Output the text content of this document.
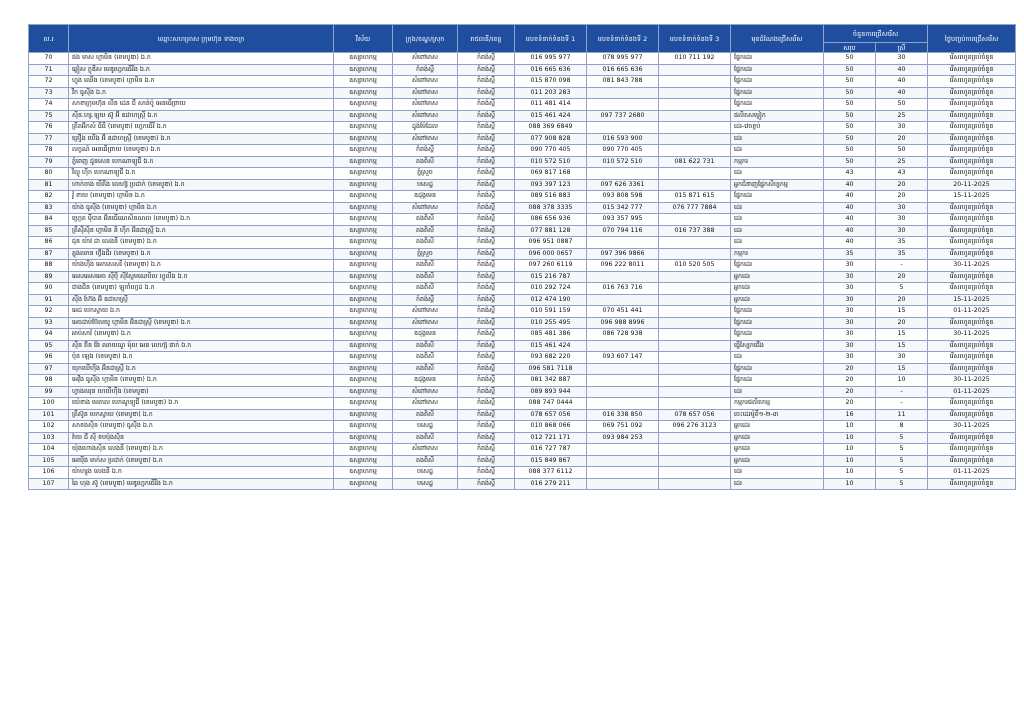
ល.រ	ឈ្មោះសហគ្រាស ក្រុមហ៊ុន ទាងចក្រ	វិស័យ	ក្រុង/ខណ្ឌ/ស្រុក	រាជធានី/ខេត្ត	លេខទំនាក់ទំនងទី 1	លេខទំនាក់ទំនងទី 2	លេខទំនាក់ទំនងទី 3	មុខដំណែងជ្រើសរើស	ចំនួនការជ្រើសរើស		ថ្ងៃបញ្ចប់ការជ្រើសរើស
									សរុប	ស្រី	
70	ផង មាស ហ្គាមិន (ខេមបូឌា) ឯ.ក	ឧស្សាហកម្ម	សំពៅមាស	កំពង់ស្ពឺ	016 995 977	078 995 977	010 711 192	ផ្នែកដេរ	50	30	រើសរហូតគ្រប់ចំនួន
71	ឆ្លៀស ក្លូឌីស មេឌូហ្វេកធើរីង ឯ.ក	ឧស្សាហកម្ម	កំពង់ស្ពឺ	កំពង់ស្ពឺ	016 665 636	016 665 636		ផ្នែកដេរ	50	40	រើសរហូតគ្រប់ចំនួន
72	ហ្វុង ឈើង (ខេមបូឌា) ហ្គាមិន ឯ.ក	ឧស្សាហកម្ម	សំពៅមាស	កំពង់ស្ពឺ	015 870 098	081 843 788		ផ្នែកដេរ	50	40	រើសរហូតគ្រប់ចំនួន
73	វីក ធូស៊ីង ឯ.ក	ឧស្សាហកម្ម	សំពៅមាស	កំពង់ស្ពឺ	011 203 283			ផ្នែកដេរ	50	40	រើសរហូតគ្រប់ចំនួន
74	សាខាក្រុមហ៊ុន លីន ដេន ជី សាន់ប៉ូ អេនធើព្រាយ	ឧស្សាហកម្ម	សំពៅមាស	កំពង់ស្ពឺ	011 481 414			ផ្នែកដេរ	50	50	រើសរហូតគ្រប់ចំនួន
75	ស៊ីន.ហ្ស.ឡុយ ស៊ូ អ៊ី ឧដាហស្រ្តី ឯ.ក	ឧស្សាហកម្ម	សំពៅមាស	កំពង់ស្ពឺ	015 461 424	097 737 2680		ផលិតសម្លៀក	50	25	រើសរហូតគ្រប់ចំនួន
76	ត្រឹតអ៊ីកស៍ ធីធី (ខេមបូឌា) ហ្វេកធើរី ឯ.ក	ឧស្សាហកម្ម	ដូង់ម៉ែដែល	កំពង់ស្ពឺ	088 369 6849			ដេរ-វេចខ្ចប់	50	30	រើសរហូតគ្រប់ចំនួន
77	គ្រឿង ឃើង អ៊ី ឧដាហស្រ្តី (ខេមបូឌា) ឯ.ក	ឧស្សាហកម្ម	សំពៅមាស	កំពង់ស្ពឺ	077 908 828	016 593 900		ដេរ	50	20	រើសរហូតគ្រប់ចំនួន
78	លក្ខណ៍ អេនធើព្រាយ (ខេមបូឌា) ឯ.ក	ឧស្សាហកម្ម	កំពង់ស្ពឺ	កំពង់ស្ពឺ	090 770 405	090 770 405		ដេរ	50	50	រើសរហូតគ្រប់ចំនួន
79	ភ្នំពេញ ជូនសេន បេកណាឡូជី ឯ.ក	ឧស្សាហកម្ម	គងពិសី	កំពង់ស្ពឺ	010 572 510	010 572 510	081 622 731	កម្មករ	50	25	រើសរហូតគ្រប់ចំនួន
80	វិល្លូ ហ៊ីក បេកណាឡូជី ឯ.ក	ឧស្សាហកម្ម	ភ្នំស្រួច	កំពង់ស្ពឺ	069 817 168			ដេរ	43	43	រើសរហូតគ្រប់ចំនួន
81	ហាក់ចាង យីតីង លេហ្ស៊ ប្រដាក់ (ខេមបូឌា) ឯ.ក	ឧស្សាហកម្ម	បសេដ្ឋ	កំពង់ស្ពឺ	093 397 123	097 626 3361		អ្នកជំនាញផ្នែកសិប្បកម្ម	40	20	20-11-2025
82	វ៉ូ ខាយ (ខេមបូឌា) ហ្គាមិន ឯ.ក	ឧស្សាហកម្ម	ឧដុង្គមេន	កំពង់ស្ពឺ	089 516 883	093 808 598	015 871 615	ផ្នែកដេរ	40	20	15-11-2025
83	យ៉ាង ធូស៊ីង (ខេមបូឌា) ហ្គាមិន ឯ.ក	ឧស្សាហកម្ម	សំពៅមាស	កំពង់ស្ពឺ	088 378 3335	015 342 777	076 777 7884	ដេរ	40	30	រើសរហូតគ្រប់ចំនួន
84	ហ្គ្រេត ម៉ឺបាន អ៊ិនធើណេសិនណល (ខេមបូឌា) ឯ.ក	ឧស្សាហកម្ម	គងពិសី	កំពង់ស្ពឺ	086 656 936	093 357 995		ដេរ	40	30	រើសរហូតគ្រប់ចំនួន
85	ត្រីស៊ីស៊ិន ហ្គាមិន និ ហ៊ីក អ៊ិនដាស្ត្រី ឯ.ក	ឧស្សាហកម្ម	គងពិសី	កំពង់ស្ពឺ	077 881 128	070 794 116	016 737 388	ដេរ	40	30	រើសរហូតគ្រប់ចំនួន
86	ជុន យ៉ាវ ដា លេងនី (ខេមបូឌា) ឯ.ក	ឧស្សាហកម្ម	គងពិសី	កំពង់ស្ពឺ	096 951 0887			ដេរ	40	35	រើសរហូតគ្រប់ចំនួន
87	គ្នុងឈាន ហ្វ៊ីងជិរ (ខេមបូឌា) ឯ.ក	ឧស្សាហកម្ម	ភ្នំស្រួច	កំពង់ស្ពឺ	096 000 0657	097 396 9866		កម្មករ	35	35	រើសរហូតគ្រប់ចំនួន
88	យ៉ាងហ៊ីង អេកសេសរី (ខេមបូឌា) ឯ.ក	ឧស្សាហកម្ម	គងពិសី	កំពង់ស្ពឺ	097 260 6119	096 222 8011	010 520 505	ផ្នែកដេរ	30	-	30-11-2025
89	អេសអេសអេច ស៊ីប៉ី ស៊ីស្ទែមណេបិល ហ្វូលីង ឯ.ក	ឧស្សាហកម្ម	គងពិសី	កំពង់ស្ពឺ	015 216 787			អ្នកដេរ	30	20	រើសរហូតគ្រប់ចំនួន
90	ជាងជិន (ខេមបូឌា) ឡូកាំហ្វេដ ឯ.ក	ឧស្សាហកម្ម	គងពិសី	កំពង់ស្ពឺ	010 292 724	016 763 716		អ្នកដេរ	30	5	រើសរហូតគ្រប់ចំនួន
91	ស៊ីង ហ៊ែង អ៊ិ ឧដាហស្រ្តី	ឧស្សាហកម្ម	កំពង់ស្ពឺ	កំពង់ស្ពឺ	012 474 190			អ្នកដេរ	30	20	15-11-2025
92	អេដ បេកស្វាយ ឯ.ក	ឧស្សាហកម្ម	សំពៅមាស	កំពង់ស្ពឺ	010 591 159	070 451 441		ផ្នែកដេរ	30	15	01-11-2025
93	អេចដាប់ប៊ែលយូ ហ្គាមិន អ៊ិនដាស្ត្រី (ខេមបូឌា) ឯ.ក	ឧស្សាហកម្ម	សំពៅមាស	កំពង់ស្ពឺ	010 255 495	096 988 8996		ផ្នែកដេរ	30	20	រើសរហូតគ្រប់ចំនួន
94	អាប់សាវ៉ (ខេមបូឌា) ឯ.ក	ឧស្សាហកម្ម	ឧដុង្គមេន	កំពង់ស្ពឺ	085 481 386	086 728 938		ផ្នែកដេរ	30	15	30-11-2025
95	ស៊ីន ត៊ីន វ៉ែរ ឈាយណូ ម៉ុល អេន លេហ្ស៊ ផាក់ ឯ.ក	ឧស្សាហកម្ម	គងពិសី	កំពង់ស្ពឺ	015 461 424			ធ្វើស្បែកជើង	30	15	រើសរហូតគ្រប់ចំនួន
96	ប៉ុន ឡេង (ខេមបូឌា) ឯ.ក	ឧស្សាហកម្ម	គងពិសី	កំពង់ស្ពឺ	093 682 220	093 607 147		ដេរ	30	30	រើសរហូតគ្រប់ចំនួន
97	យុកឃើហ៊ីង អ៊ិនដាស្ត្រី ឯ.ក	ឧស្សាហកម្ម	គងពិសី	កំពង់ស្ពឺ	096 581 7118			ផ្នែកដេរ	20	15	រើសរហូតគ្រប់ចំនួន
98	អេវ៉ីង ធូស៊ីង ហ្គាមិន (ខេមបូឌា) ឯ.ក	ឧស្សាហកម្ម	ឧដុង្គមេន	កំពង់ស្ពឺ	081 342 887			ផ្នែកដេរ	20	10	30-11-2025
99	ហ្វាងឈុន ហេបើហ៊ីង (ខេមបូឌា)	ឧស្សាហកម្ម	សំពៅមាស	កំពង់ស្ពឺ	089 893 944			ដេរ	20	-	01-11-2025
100	យ៉េខាង មេតាល បេកណូឡូជី (ខេមបូឌា) ឯ.ក	ឧស្សាហកម្ម	សំពៅមាស	កំពង់ស្ពឺ	088 747 0444			កម្មករផលិតកម្ម	20	-	រើសរហូតគ្រប់ចំនួន
101	ត្រីស៊ូន បេកស្វាយ (ខេមបូឌា) ឯ.ក	ឧស្សាហកម្ម	គងពិសី	កំពង់ស្ពឺ	078 657 056	016 338 850	078 657 056	ចេះដេរម៉ូតឺ១-២-៣	16	11	រើសរហូតគ្រប់ចំនួន
102	សាខងស៊ិន (ខេមបូឌា) ធូស៊ីង ឯ.ក	ឧស្សាហកម្ម	បសេដ្ឋ	កំពង់ស្ពឺ	010 868 066	069 751 092	096 276 3123	អ្នកដេរ	10	8	30-11-2025
103	វ៉ាយ ជី ស៊ី ខបប៉ុងស៊ិន	ឧស្សាហកម្ម	គងពិសី	កំពង់ស្ពឺ	012 721 171	093 984 253		អ្នកដេរ	10	5	រើសរហូតគ្រប់ចំនួន
104	យ៉ុងហោងស៊ិន លេងនី (ខេមបូឌា) ឯ.ក	ឧស្សាហកម្ម	សំពៅមាស	កំពង់ស្ពឺ	016 727 787			អ្នកដេរ	10	5	រើសរហូតគ្រប់ចំនួន
105	អេយ៉ីង មាក់ស ប្រដាក់ (ខេមបូឌា) ឯ.ក	ឧស្សាហកម្ម	គងពិសី	កំពង់ស្ពឺ	015 849 867			អ្នកដេរ	10	5	រើសរហូតគ្រប់ចំនួន
106	យ៉ាហ្សុង លេងនី ឯ.ក	ឧស្សាហកម្ម	បសេដ្ឋ	កំពង់ស្ពឺ	088 377 6112			ដេរ	10	5	01-11-2025
107	ឆៃ ហុង ស៊ូ (ខេមបូឌា) មេឌូហ្វេកធើរីង ឯ.ក	ឧស្សាហកម្ម	បសេដ្ឋ	កំពង់ស្ពឺ	016 279 211			ដេរ	10	5	រើសរហូតគ្រប់ចំនួន
